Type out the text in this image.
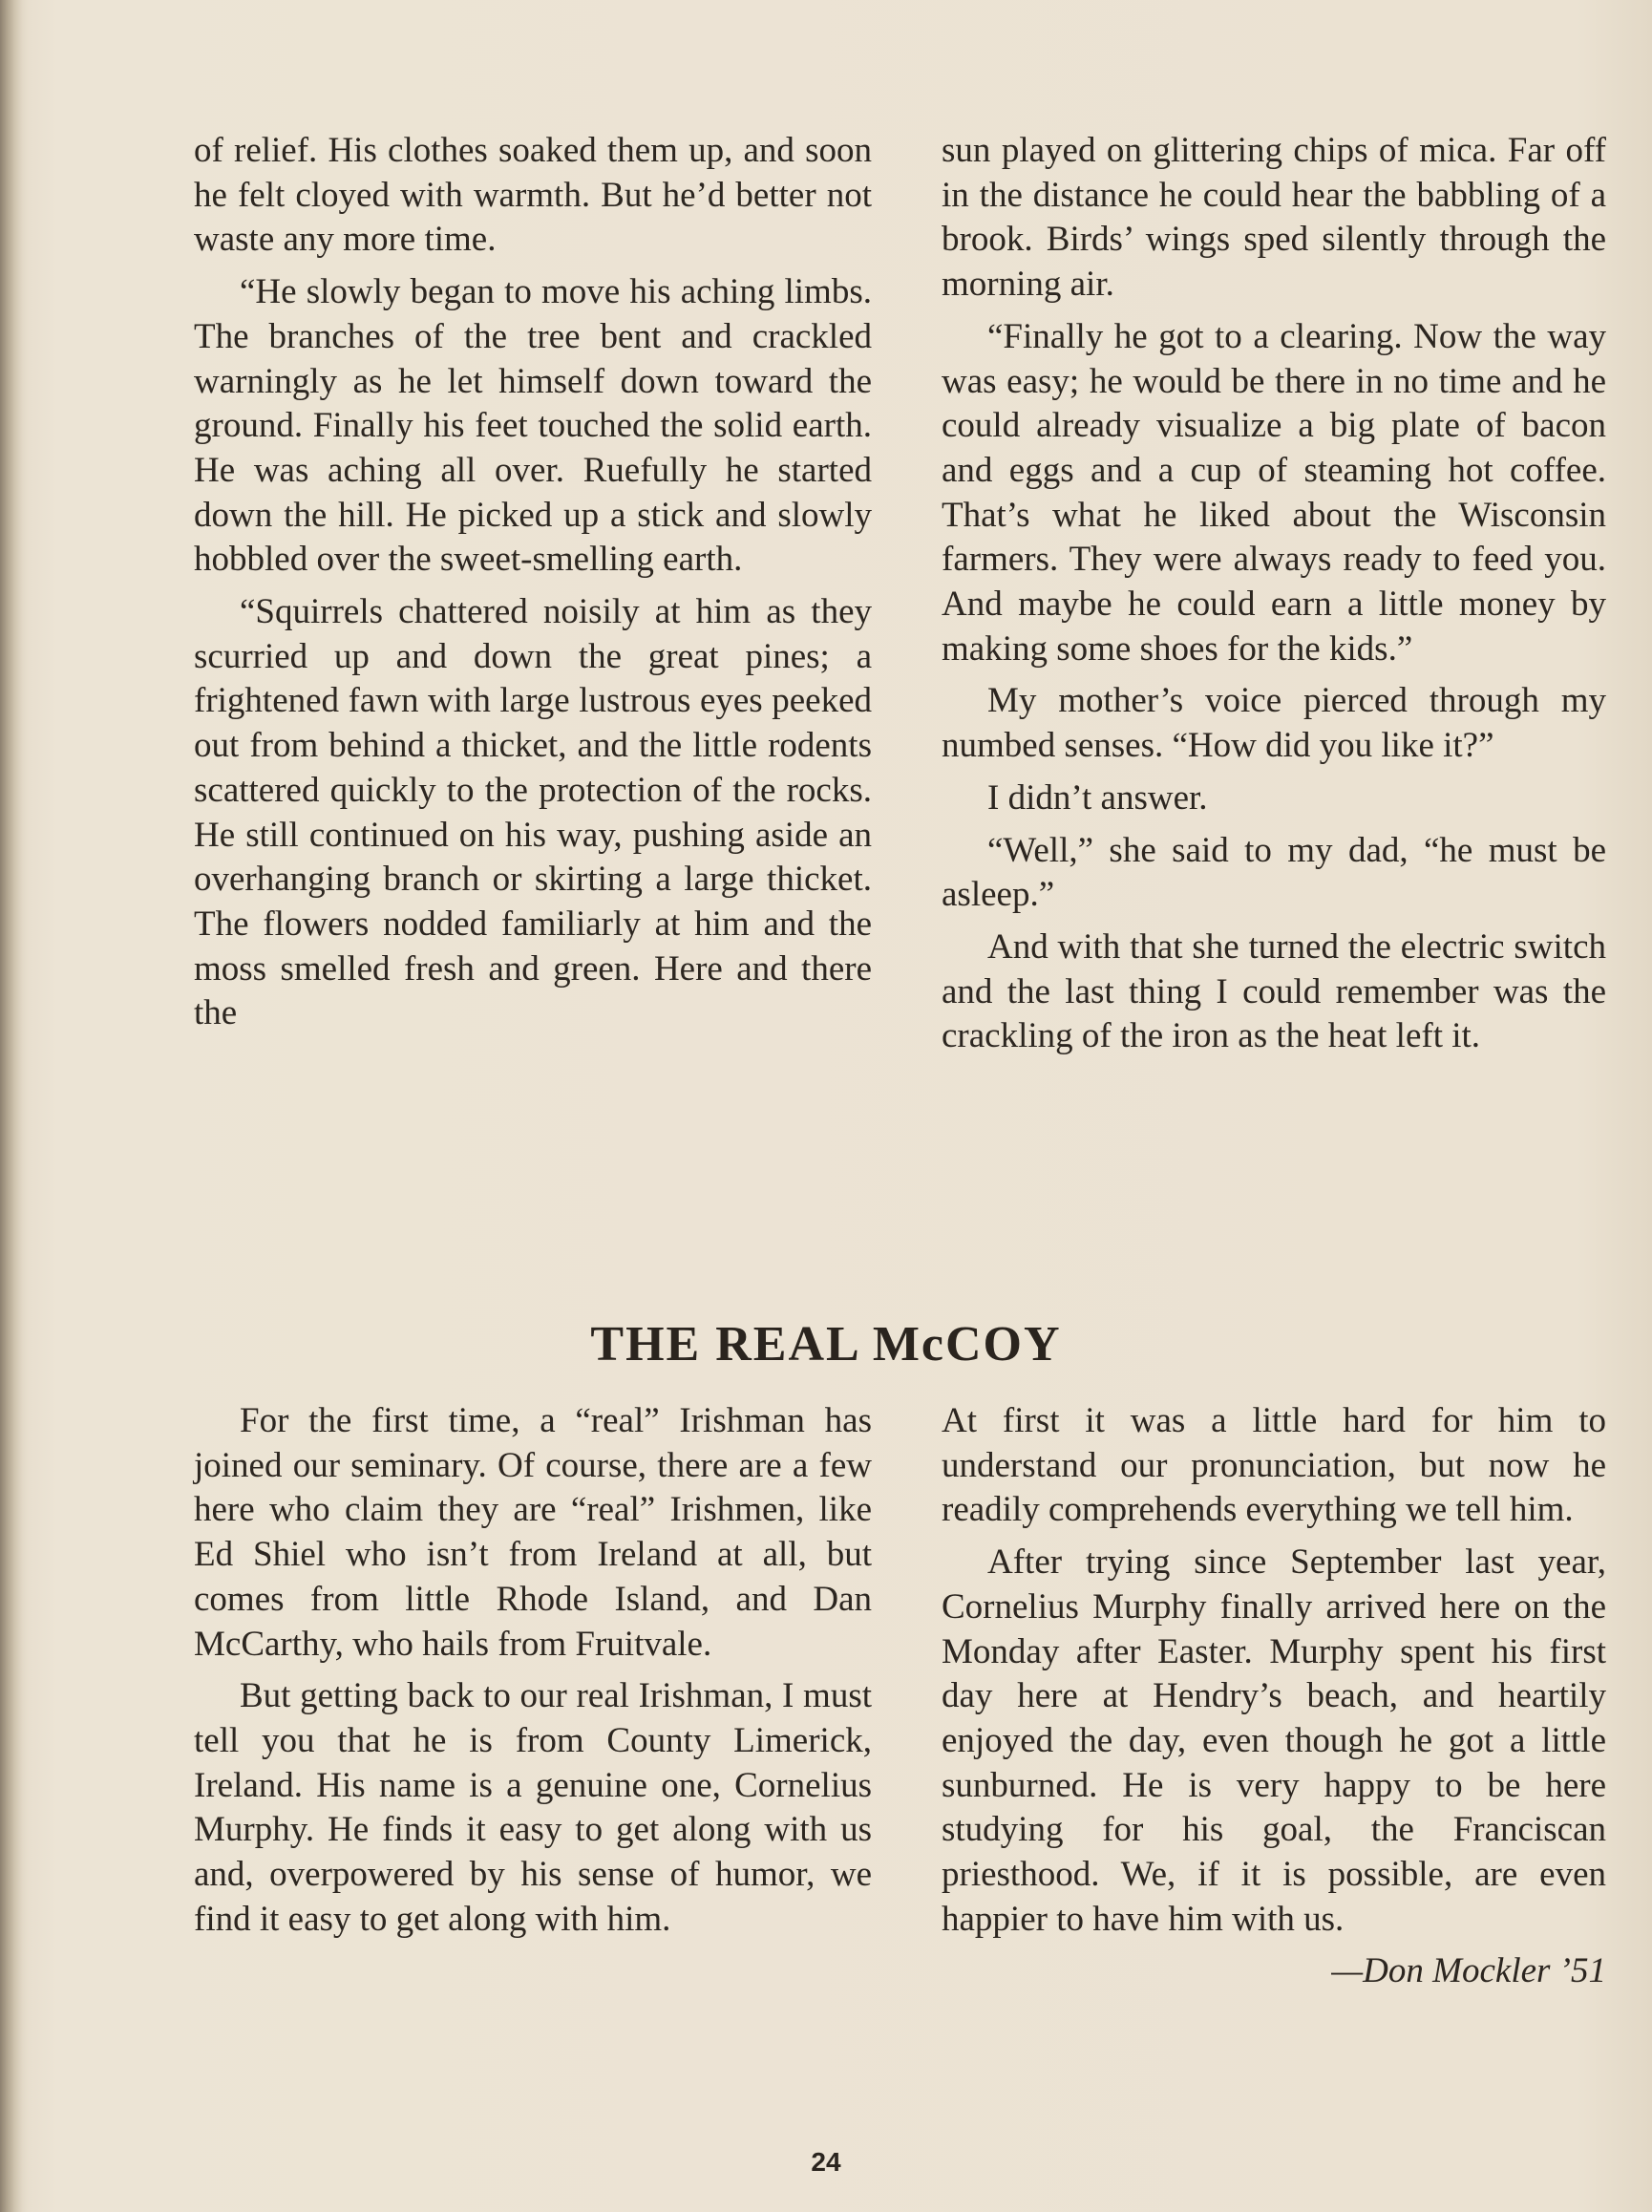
of relief. His clothes soaked them up, and soon he felt cloyed with warmth. But he’d better not waste any more time.

“He slowly began to move his aching limbs. The branches of the tree bent and crackled warningly as he let himself down toward the ground. Finally his feet touched the solid earth. He was aching all over. Ruefully he started down the hill. He picked up a stick and slowly hobbled over the sweet-smelling earth.

“Squirrels chattered noisily at him as they scurried up and down the great pines; a frightened fawn with large lustrous eyes peeked out from behind a thicket, and the little rodents scattered quickly to the protection of the rocks. He still continued on his way, pushing aside an overhanging branch or skirting a large thicket. The flowers nodded familiarly at him and the moss smelled fresh and green. Here and there the

sun played on glittering chips of mica. Far off in the distance he could hear the babbling of a brook. Birds’ wings sped silently through the morning air.

“Finally he got to a clearing. Now the way was easy; he would be there in no time and he could already visualize a big plate of bacon and eggs and a cup of steaming hot coffee. That’s what he liked about the Wisconsin farmers. They were always ready to feed you. And maybe he could earn a little money by making some shoes for the kids.”

My mother’s voice pierced through my numbed senses. “How did you like it?”

I didn’t answer.

“Well,” she said to my dad, “he must be asleep.”

And with that she turned the electric switch and the last thing I could remember was the crackling of the iron as the heat left it.

THE REAL McCOY

For the first time, a “real” Irishman has joined our seminary. Of course, there are a few here who claim they are “real” Irishmen, like Ed Shiel who isn’t from Ireland at all, but comes from little Rhode Island, and Dan McCarthy, who hails from Fruitvale.

But getting back to our real Irishman, I must tell you that he is from County Limerick, Ireland. His name is a genuine one, Cornelius Murphy. He finds it easy to get along with us and, overpowered by his sense of humor, we find it easy to get along with him.

At first it was a little hard for him to understand our pronunciation, but now he readily comprehends everything we tell him.

After trying since September last year, Cornelius Murphy finally arrived here on the Monday after Easter. Murphy spent his first day here at Hendry’s beach, and heartily enjoyed the day, even though he got a little sunburned. He is very happy to be here studying for his goal, the Franciscan priesthood. We, if it is possible, are even happier to have him with us.

—Don Mockler ’51
24
